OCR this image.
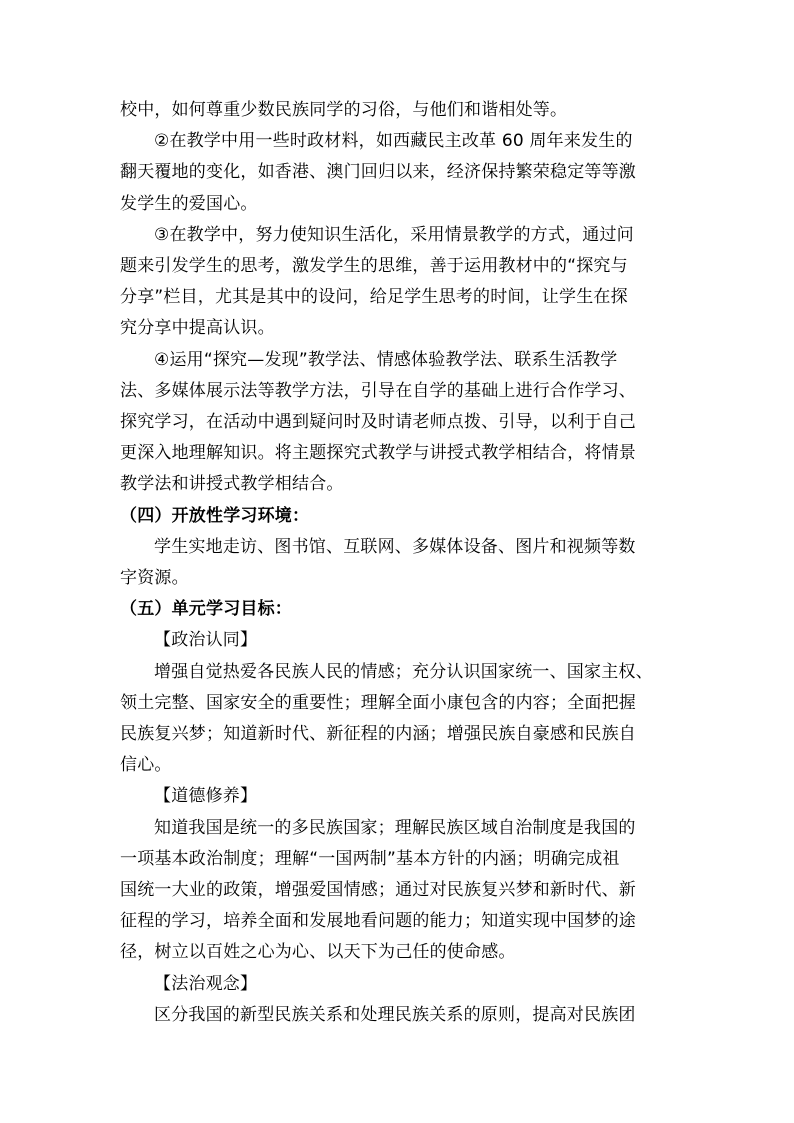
校中，如何尊重少数民族同学的习俗，与他们和谐相处等。
②在教学中用一些时政材料，如西藏民主改革 60 周年来发生的
翻天覆地的变化，如香港、澳门回归以来，经济保持繁荣稳定等等激
发学生的爱国心。
③在教学中，努力使知识生活化，采用情景教学的方式，通过问
题来引发学生的思考，激发学生的思维，善于运用教材中的“探究与
分享”栏目，尤其是其中的设问，给足学生思考的时间，让学生在探
究分享中提高认识。
④运用“探究—发现”教学法、情感体验教学法、联系生活教学
法、多媒体展示法等教学方法，引导在自学的基础上进行合作学习、
探究学习，在活动中遇到疑问时及时请老师点拨、引导，以利于自己
更深入地理解知识。将主题探究式教学与讲授式教学相结合，将情景
教学法和讲授式教学相结合。
（四）开放性学习环境：
学生实地走访、图书馆、互联网、多媒体设备、图片和视频等数
字资源。
（五）单元学习目标：
【政治认同】
增强自觉热爱各民族人民的情感；充分认识国家统一、国家主权、
领土完整、国家安全的重要性；理解全面小康包含的内容；全面把握
民族复兴梦；知道新时代、新征程的内涵；增强民族自豪感和民族自
信心。
【道德修养】
知道我国是统一的多民族国家；理解民族区域自治制度是我国的
一项基本政治制度；理解“一国两制”基本方针的内涵；明确完成祖
国统一大业的政策，增强爱国情感；通过对民族复兴梦和新时代、新
征程的学习，培养全面和发展地看问题的能力；知道实现中国梦的途
径，树立以百姓之心为心、以天下为己任的使命感。
【法治观念】
区分我国的新型民族关系和处理民族关系的原则，提高对民族团
